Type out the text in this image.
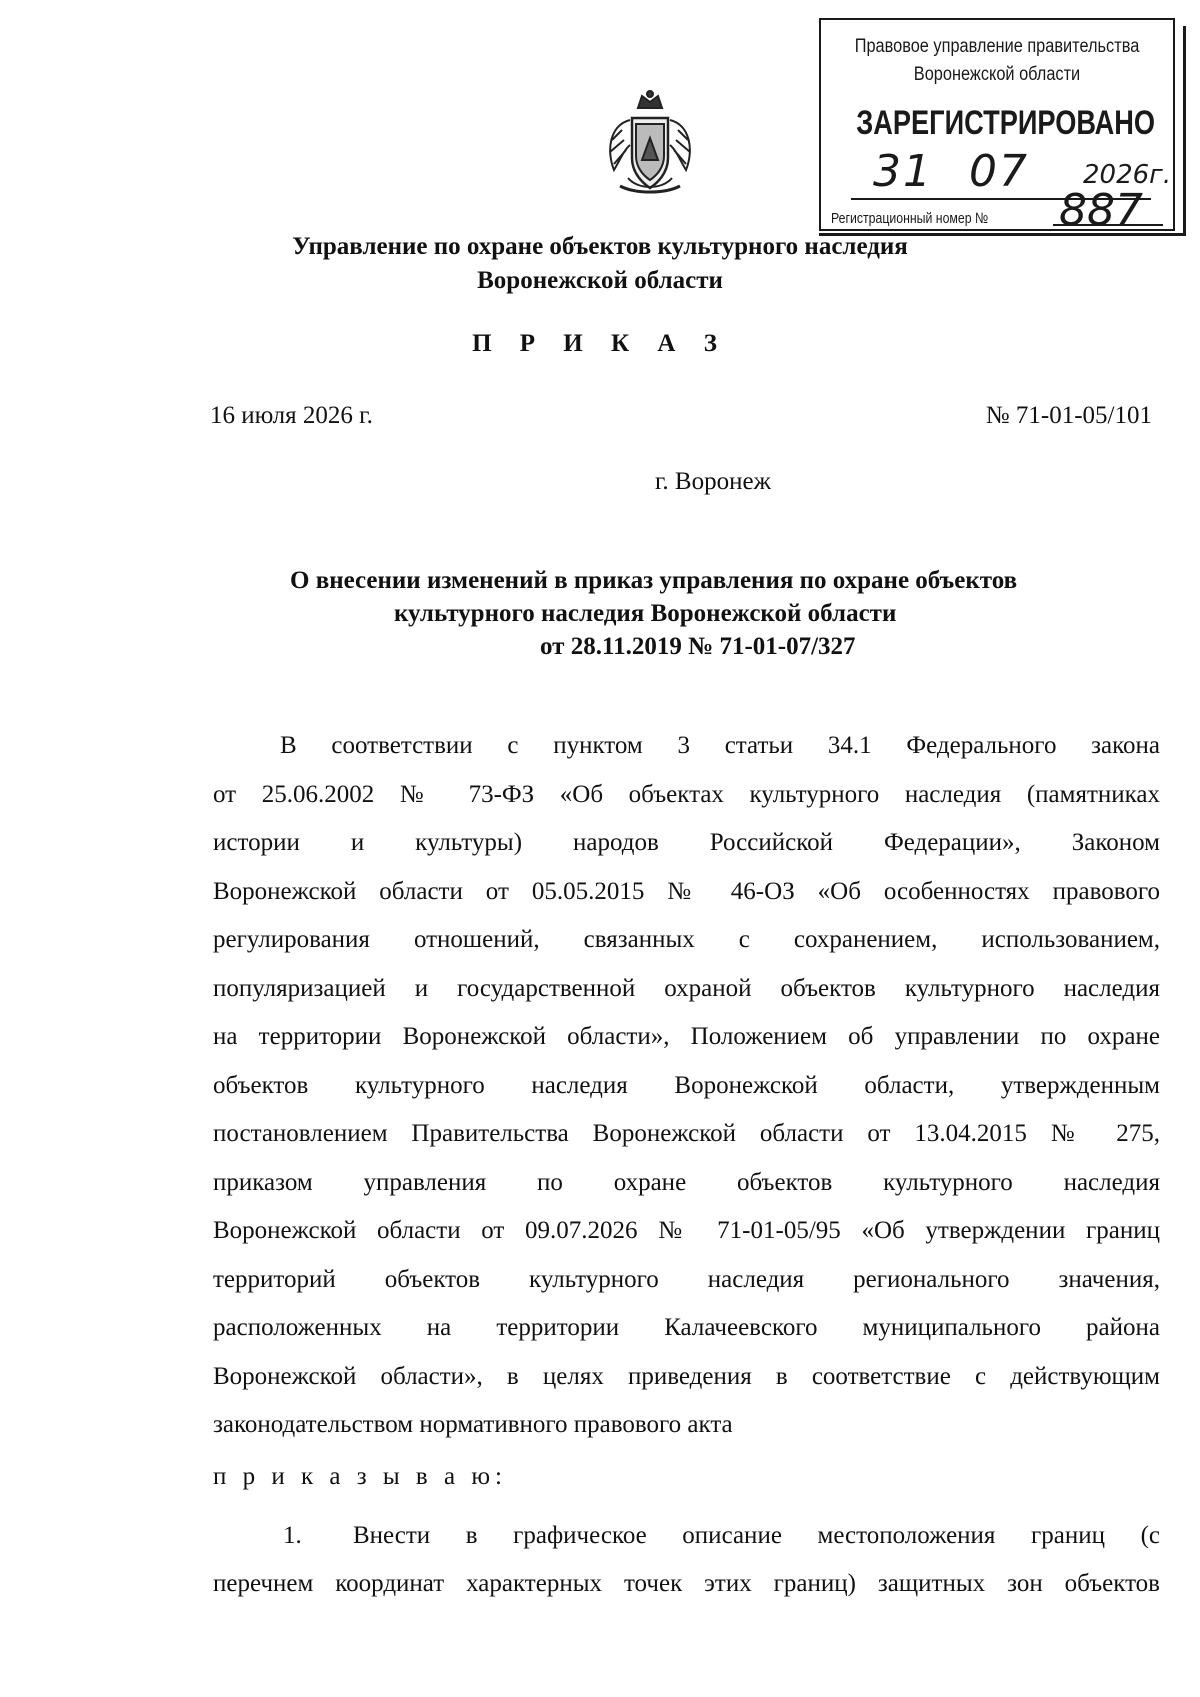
Правовое управление правительства
Воронежской области
ЗАРЕГИСТРИРОВАНО
31 07 2026г.
Регистрационный номер № 887
Управление по охране объектов культурного наследия
Воронежской области
П Р И К А З
16 июля 2026 г.	№ 71-01-05/101
г. Воронеж
О внесении изменений в приказ управления по охране объектов
культурного наследия Воронежской области
от 28.11.2019 № 71-01-07/327
В соответствии с пунктом 3 статьи 34.1 Федерального закона
от 25.06.2002 № 73-ФЗ «Об объектах культурного наследия (памятниках
истории и культуры) народов Российской Федерации», Законом
Воронежской области от 05.05.2015 № 46-ОЗ «Об особенностях правового
регулирования отношений, связанных с сохранением, использованием,
популяризацией и государственной охраной объектов культурного наследия
на территории Воронежской области», Положением об управлении по охране
объектов культурного наследия Воронежской области, утвержденным
постановлением Правительства Воронежской области от 13.04.2015 № 275,
приказом управления по охране объектов культурного наследия
Воронежской области от 09.07.2026 № 71-01-05/95 «Об утверждении границ
территорий объектов культурного наследия регионального значения,
расположенных на территории Калачеевского муниципального района
Воронежской области», в целях приведения в соответствие с действующим
законодательством нормативного правового акта
п р и к а з ы в а ю:
1. Внести в графическое описание местоположения границ (с
перечнем координат характерных точек этих границ) защитных зон объектов
